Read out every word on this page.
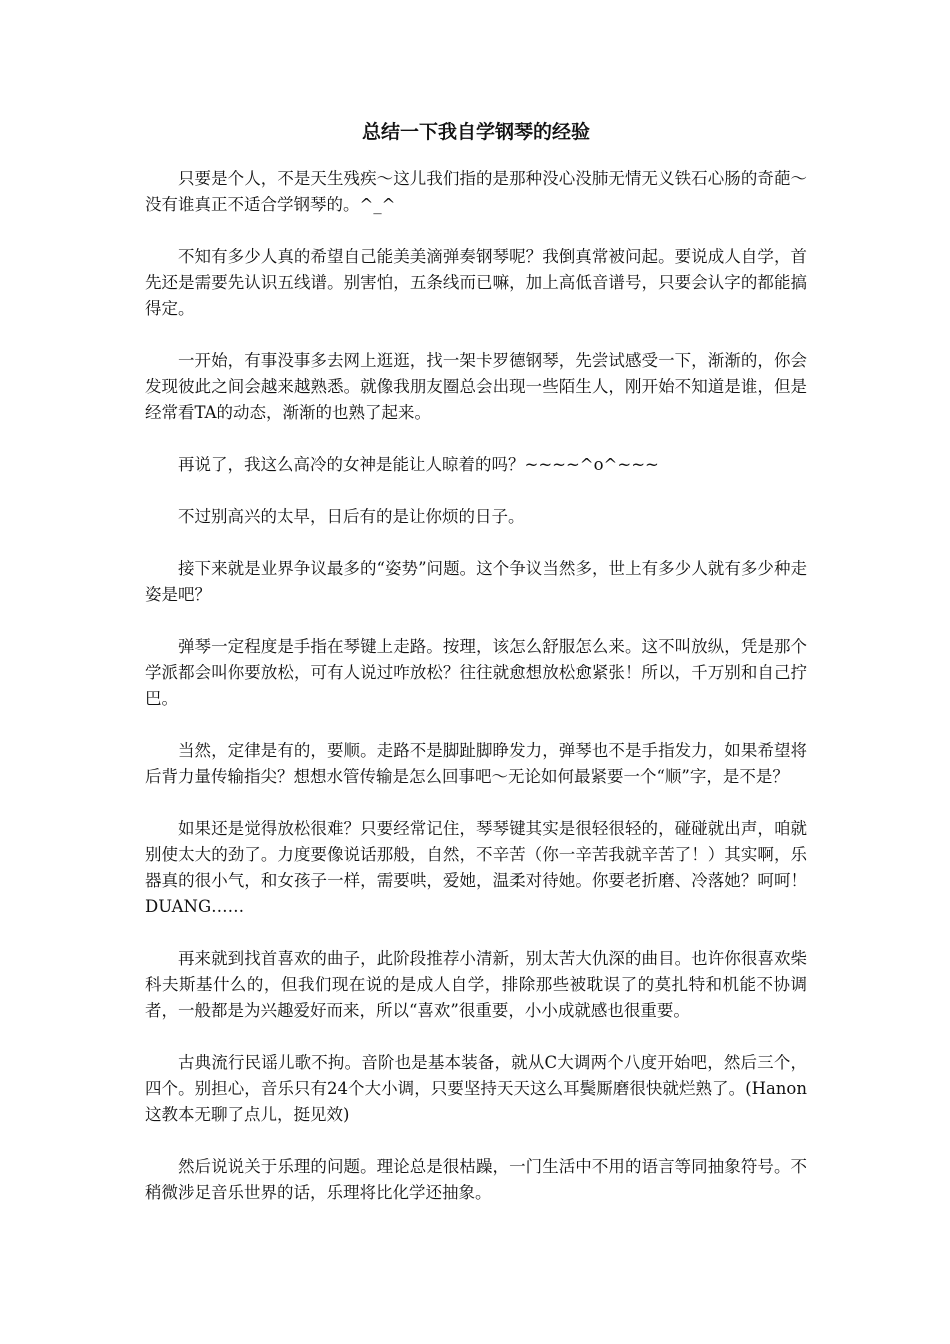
总结一下我自学钢琴的经验

只要是个人，不是天生残疾～这儿我们指的是那种没心没肺无情无义铁石心肠的奇葩～没有谁真正不适合学钢琴的。^_^

不知有多少人真的希望自己能美美滴弹奏钢琴呢？我倒真常被问起。要说成人自学，首先还是需要先认识五线谱。别害怕，五条线而已嘛，加上高低音谱号，只要会认字的都能搞得定。

一开始，有事没事多去网上逛逛，找一架卡罗德钢琴，先尝试感受一下，渐渐的，你会发现彼此之间会越来越熟悉。就像我朋友圈总会出现一些陌生人，刚开始不知道是谁，但是经常看TA的动态，渐渐的也熟了起来。

再说了，我这么高冷的女神是能让人晾着的吗？~~~~^o^~~~

不过别高兴的太早，日后有的是让你烦的日子。

接下来就是业界争议最多的“姿势”问题。这个争议当然多，世上有多少人就有多少种走姿是吧？

弹琴一定程度是手指在琴键上走路。按理，该怎么舒服怎么来。这不叫放纵，凭是那个学派都会叫你要放松，可有人说过咋放松？往往就愈想放松愈紧张！所以，千万别和自己拧巴。

当然，定律是有的，要顺。走路不是脚趾脚睁发力，弹琴也不是手指发力，如果希望将后背力量传输指尖？想想水管传输是怎么回事吧～无论如何最紧要一个“顺”字，是不是？

如果还是觉得放松很难？只要经常记住，琴琴键其实是很轻很轻的，碰碰就出声，咱就别使太大的劲了。力度要像说话那般，自然，不辛苦（你一辛苦我就辛苦了！）其实啊，乐器真的很小气，和女孩子一样，需要哄，爱她，温柔对待她。你要老折磨、冷落她？呵呵！DUANG……

再来就到找首喜欢的曲子，此阶段推荐小清新，别太苦大仇深的曲目。也许你很喜欢柴科夫斯基什么的，但我们现在说的是成人自学，排除那些被耽误了的莫扎特和机能不协调者，一般都是为兴趣爱好而来，所以“喜欢”很重要，小小成就感也很重要。

古典流行民谣儿歌不拘。音阶也是基本装备，就从C大调两个八度开始吧，然后三个，四个。别担心，音乐只有24个大小调，只要坚持天天这么耳鬓厮磨很快就烂熟了。(Hanon这教本无聊了点儿，挺见效)

然后说说关于乐理的问题。理论总是很枯躁，一门生活中不用的语言等同抽象符号。不稍微涉足音乐世界的话，乐理将比化学还抽象。
